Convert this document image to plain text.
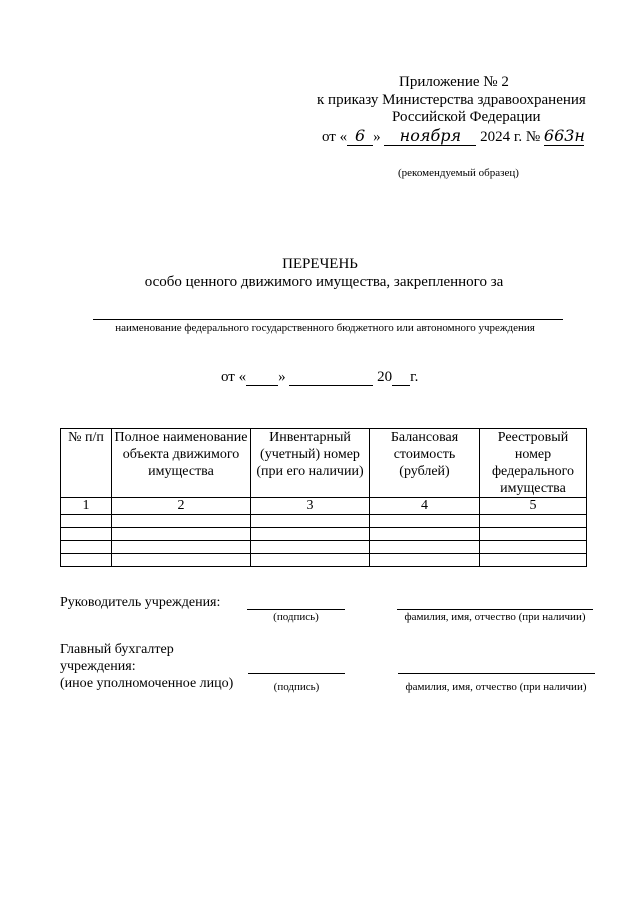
Приложение № 2
к приказу Министерства здравоохранения
Российской Федерации
от « 6 » ноября 2024 г. № 663н
(рекомендуемый образец)
ПЕРЕЧЕНЬ
особо ценного движимого имущества, закрепленного за
наименование федерального государственного бюджетного или автономного учреждения
от « »	20 г.
№ п/п	Полное наименование объекта движимого имущества	Инвентарный (учетный) номер (при его наличии)	Балансовая стоимость (рублей)	Реестровый номер федерального имущества
1	2	3	4	5

Руководитель учреждения:
(подпись)	фамилия, имя, отчество (при наличии)
Главный бухгалтер
учреждения:
(иное уполномоченное лицо)	(подпись)	фамилия, имя, отчество (при наличии)
